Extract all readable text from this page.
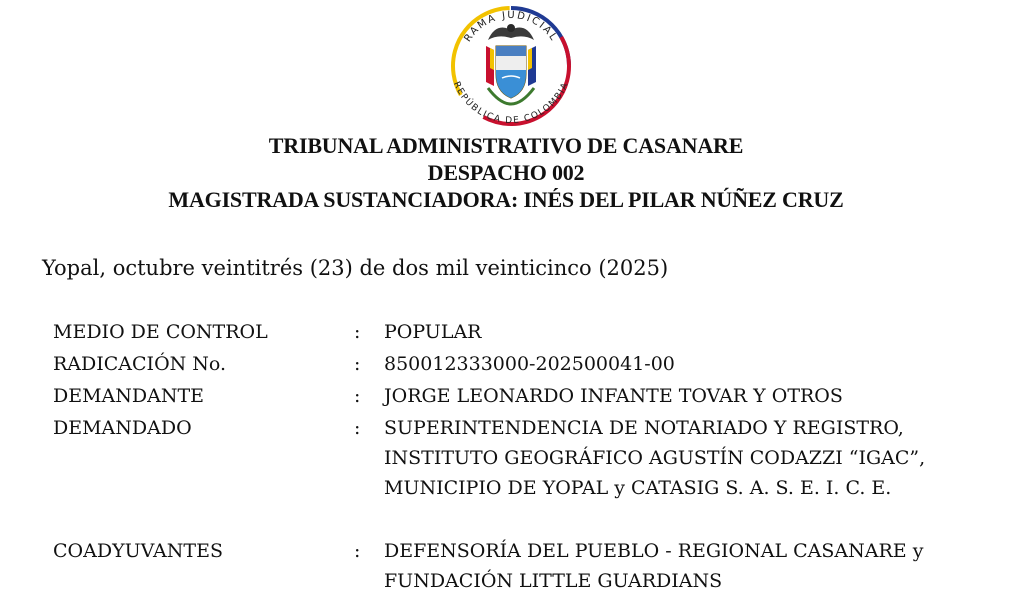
RAMA JUDICIAL
REPÚBLICA DE COLOMBIA
TRIBUNAL ADMINISTRATIVO DE CASANARE
DESPACHO 002
MAGISTRADA SUSTANCIADORA: INÉS DEL PILAR NÚÑEZ CRUZ
Yopal, octubre veintitrés (23) de dos mil veinticinco (2025)
MEDIO DE CONTROL	: POPULAR
RADICACIÓN No.	: 850012333000-202500041-00
DEMANDANTE	: JORGE LEONARDO INFANTE TOVAR Y OTROS
DEMANDADO	: SUPERINTENDENCIA DE NOTARIADO Y REGISTRO,
INSTITUTO GEOGRÁFICO AGUSTÍN CODAZZI “IGAC”,
MUNICIPIO DE YOPAL y CATASIG S. A. S. E. I. C. E.
COADYUVANTES	: DEFENSORÍA DEL PUEBLO - REGIONAL CASANARE y
FUNDACIÓN LITTLE GUARDIANS
